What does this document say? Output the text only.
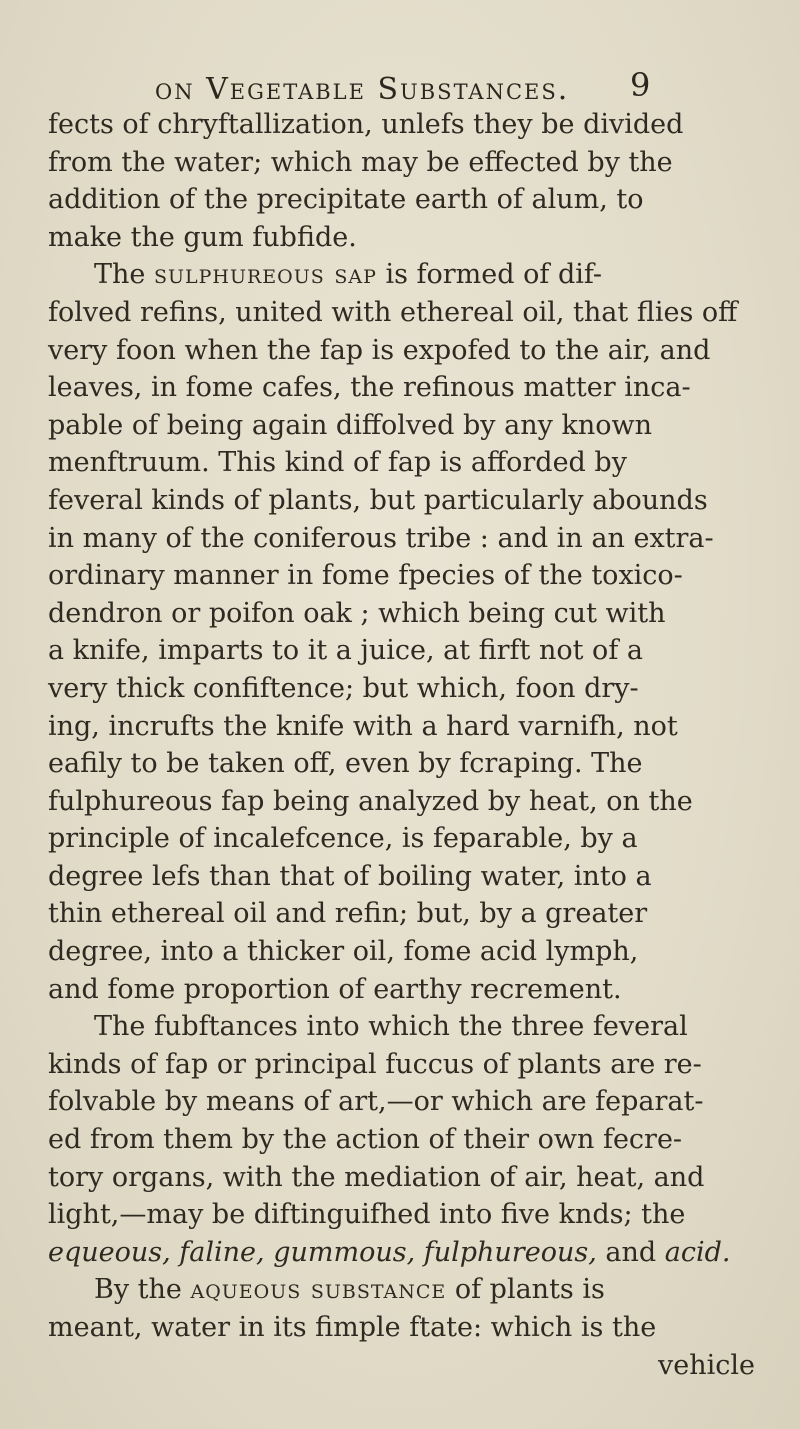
on Vegetable Substances.	9
fects of chryftallization, unlefs they be divided
from the water; which may be effected by the
addition of the precipitate earth of alum, to
make the gum fubfide.
The sulphureous sap is formed of dif-
folved refins, united with ethereal oil, that flies off
very foon when the fap is expofed to the air, and
leaves, in fome cafes, the refinous matter inca-
pable of being again diffolved by any known
menftruum. This kind of fap is afforded by
feveral kinds of plants, but particularly abounds
in many of the coniferous tribe : and in an extra-
ordinary manner in fome fpecies of the toxico-
dendron or poifon oak ; which being cut with
a knife, imparts to it a juice, at firft not of a
very thick confiftence; but which, foon dry-
ing, incrufts the knife with a hard varnifh, not
eafily to be taken off, even by fcraping. The
fulphureous fap being analyzed by heat, on the
principle of incalefcence, is feparable, by a
degree lefs than that of boiling water, into a
thin ethereal oil and refin; but, by a greater
degree, into a thicker oil, fome acid lymph,
and fome proportion of earthy recrement.
The fubftances into which the three feveral
kinds of fap or principal fuccus of plants are re-
folvable by means of art,—or which are feparat-
ed from them by the action of their own fecre-
tory organs, with the mediation of air, heat, and
light,—may be diftinguifhed into five knds; the
equeous, faline, gummous, fulphureous, and acid.
By the aqueous substance of plants is
meant, water in its fimple ftate: which is the
vehicle
